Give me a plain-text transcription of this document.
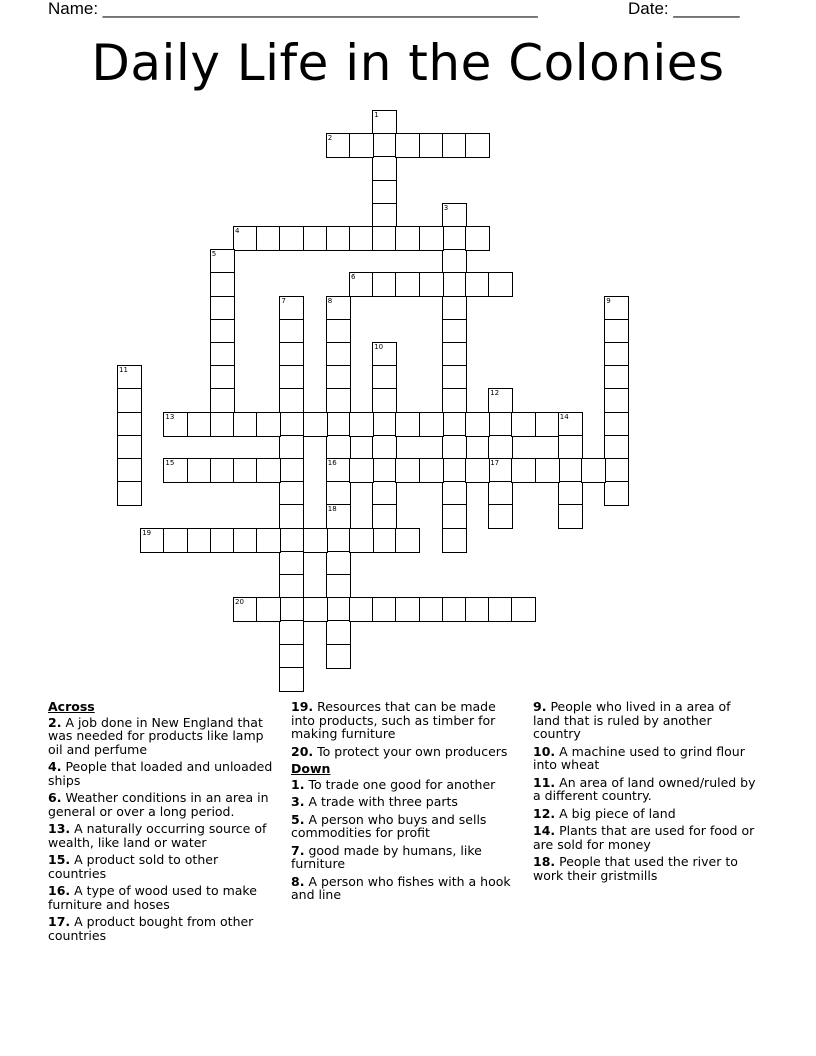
Name: ______________________________________________	Date: _______
Daily Life in the Colonies
1
2
3
4
5
6
7	8
16
18
9
10
11
12
17
13	14
15
19
20
Across
2. A job done in New England that was needed for products like lamp oil and perfume
4. People that loaded and unloaded ships
6. Weather conditions in an area in general or over a long period.
13. A naturally occurring source of wealth, like land or water
15. A product sold to other countries
16. A type of wood used to make furniture and hoses
17. A product bought from other countries
19. Resources that can be made into products, such as timber for making furniture
20. To protect your own producers
Down
1. To trade one good for another
3. A trade with three parts
5. A person who buys and sells commodities for profit
7. good made by humans, like furniture
8. A person who fishes with a hook and line
9. People who lived in a area of land that is ruled by another country
10. A machine used to grind flour into wheat
11. An area of land owned/ruled by a different country.
12. A big piece of land
14. Plants that are used for food or are sold for money
18. People that used the river to work their gristmills
